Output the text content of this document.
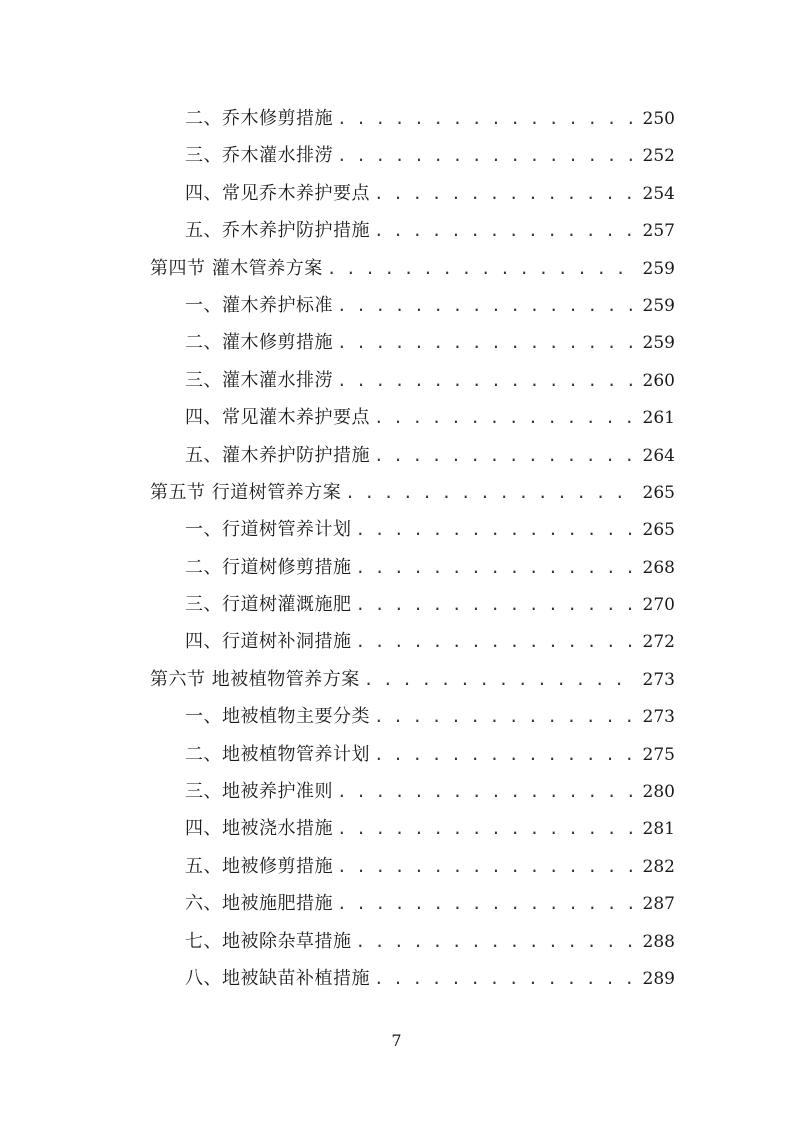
二、乔木修剪措施 . . .	250
三、乔木灌水排涝 . . .	252
四、常见乔木养护要点 . . .	254
五、乔木养护防护措施 . . .	257
第四节 灌木管养方案 . . .	259
一、灌木养护标准 . . .	259
二、灌木修剪措施 . . .	259
三、灌木灌水排涝 . . .	260
四、常见灌木养护要点 . . .	261
五、灌木养护防护措施 . . .	264
第五节 行道树管养方案 . . .	265
一、行道树管养计划 . . .	265
二、行道树修剪措施 . . .	268
三、行道树灌溉施肥 . . .	270
四、行道树补洞措施 . . .	272
第六节 地被植物管养方案 . . .	273
一、地被植物主要分类 . . .	273
二、地被植物管养计划 . . .	275
三、地被养护准则 . . .	280
四、地被浇水措施 . . .	281
五、地被修剪措施 . . .	282
六、地被施肥措施 . . .	287
七、地被除杂草措施 . . .	288
八、地被缺苗补植措施 . . .	289
7
